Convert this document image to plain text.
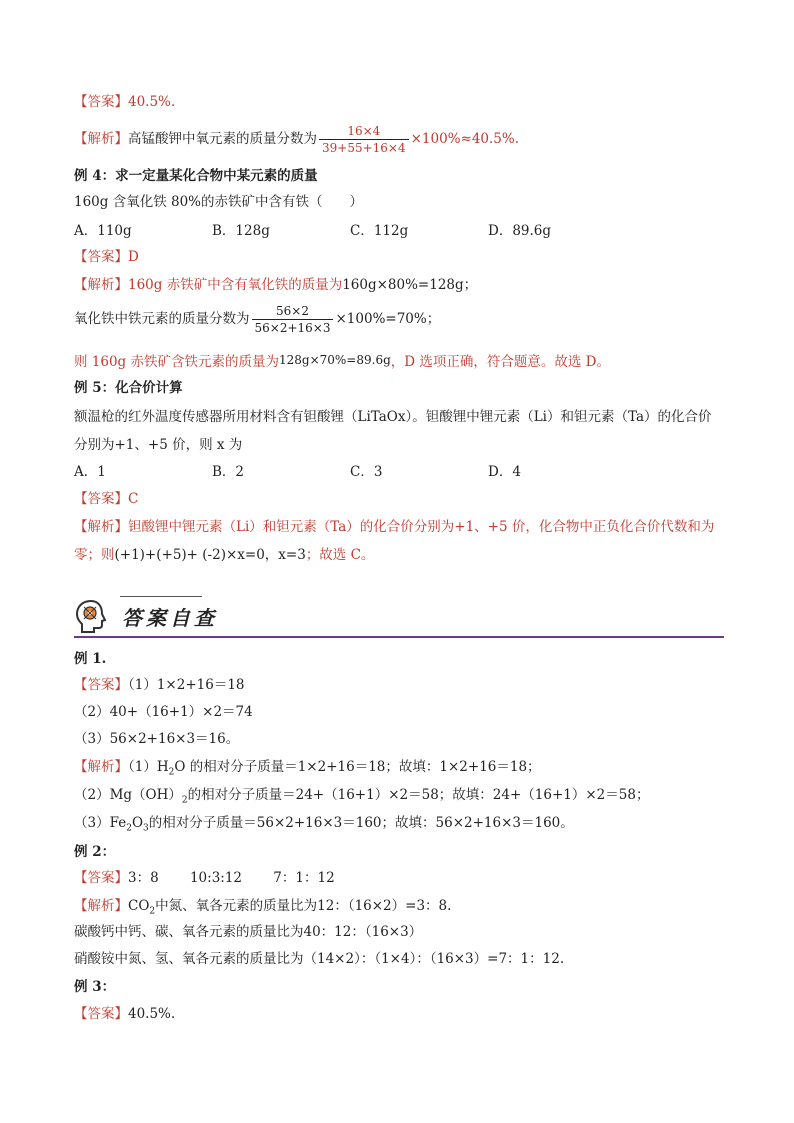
【答案】40.5%.
【解析】高锰酸钾中氧元素的质量分数为 $\frac{16\times 4}{39+55+16\times 4} \times 100\%\approx 40.5\%$.
例 4：求一定量某化合物中某元素的质量
160g 含氧化铁 80%的赤铁矿中含有铁（　　）
A．110g	B．128g	C．112g	D．89.6g
【答案】D
【解析】160g 赤铁矿中含有氧化铁的质量为160g×80%=128g；
氧化铁中铁元素的质量分数为 $\frac{56\times 2}{56\times 2+16\times 3} \times 100\%=70\%$；
则 160g 赤铁矿含铁元素的质量为128g×70%=89.6g，D 选项正确，符合题意。故选 D。
例 5：化合价计算
额温枪的红外温度传感器所用材料含有钽酸锂（LiTaOx）。钽酸锂中锂元素（Li）和钽元素（Ta）的化合价
分别为+1、+5 价，则 x 为
A．1	B．2	C．3	D．4
【答案】C
【解析】钽酸锂中锂元素（Li）和钽元素（Ta）的化合价分别为+1、+5 价，化合物中正负化合价代数和为
零；则(+1)+(+5)+ (-2)×x=0，x=3；故选 C。
答案自查
例 1.
【答案】（1）1×2+16＝18
（2）40+（16+1）×2＝74
（3）56×2+16×3＝16。
【解析】$(1)H_2O$ 的相对分子质量＝1×2+16＝18；故填：1×2+16＝18；
$(2)Mg(OH)_2$的相对分子质量＝24+（16+1）×2＝58；故填：24+（16+1）×2＝58；
$(3)Fe_2O_3$的相对分子质量＝56×2+16×3＝160；故填：56×2+16×3＝160。
例 2：
【答案】3：8　　 10:3:12　　 7：1：12
【解析】$CO_2$中氮、氧各元素的质量比为12：（16×2）=3：8.
碳酸钙中钙、碳、氧各元素的质量比为40：12：（16×3）
硝酸铵中氮、氢、氧各元素的质量比为（14×2）：（1×4）：（16×3）=7：1：12.
例 3：
【答案】40.5%.
